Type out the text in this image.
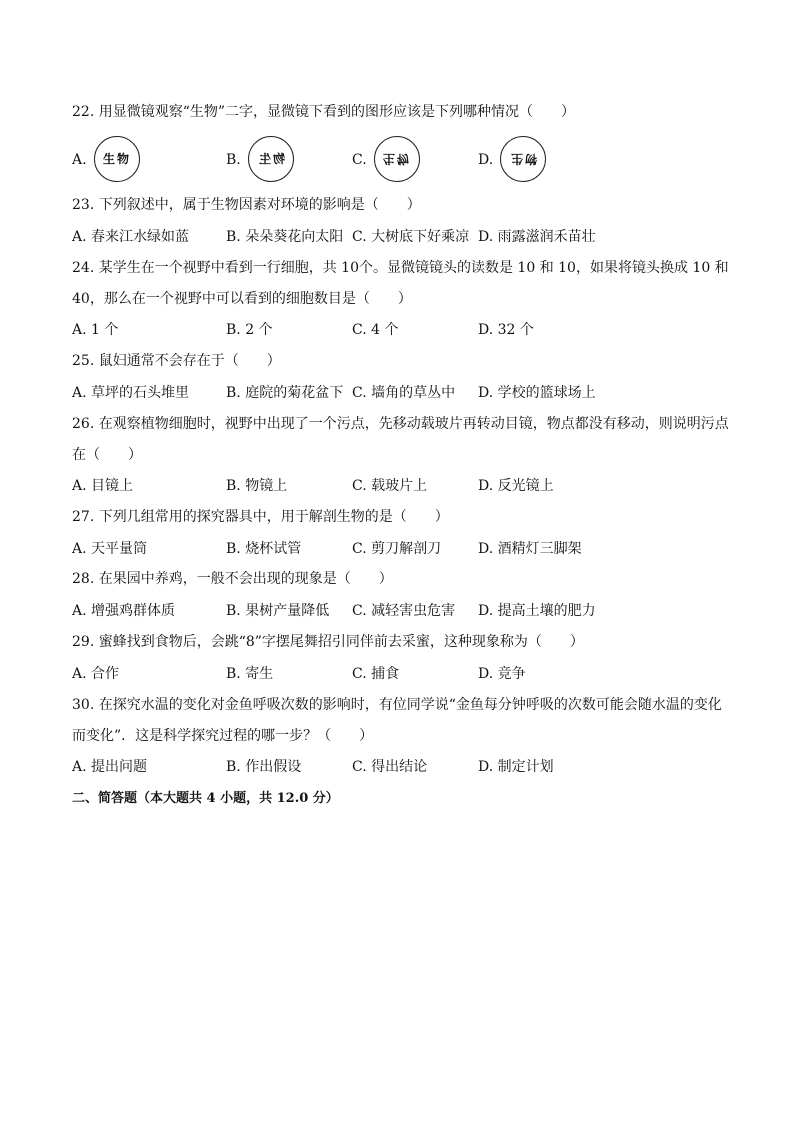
22. 用显微镜观察“生物”二字，显微镜下看到的图形应该是下列哪种情况（　　）
A. 生物	B. 物生	C. 生物	D. 物生
23. 下列叙述中，属于生物因素对环境的影响是（　　）
A. 春来江水绿如蓝	B. 朵朵葵花向太阳 C. 大树底下好乘凉 D. 雨露滋润禾苗壮
24. 某学生在一个视野中看到一行细胞，共 10个。显微镜镜头的读数是 10 和 10，如果将镜头换成 10 和
40，那么在一个视野中可以看到的细胞数目是（　　）
A. 1 个	B. 2 个	C. 4 个	D. 32 个
25. 鼠妇通常不会存在于（　　）
A. 草坪的石头堆里	B. 庭院的菊花盆下 C. 墙角的草丛中 D. 学校的篮球场上
26. 在观察植物细胞时，视野中出现了一个污点，先移动载玻片再转动目镜，物点都没有移动，则说明污点
在（　　）
A. 目镜上	B. 物镜上	C. 载玻片上	D. 反光镜上
27. 下列几组常用的探究器具中，用于解剖生物的是（　　）
A. 天平量筒	B. 烧杯试管	C. 剪刀解剖刀	D. 酒精灯三脚架
28. 在果园中养鸡，一般不会出现的现象是（　　）
A. 增强鸡群体质	B. 果树产量降低 C. 减轻害虫危害 D. 提高土壤的肥力
29. 蜜蜂找到食物后，会跳“8”字摆尾舞招引同伴前去采蜜，这种现象称为（　　）
A. 合作	B. 寄生	C. 捕食	D. 竞争
30. 在探究水温的变化对金鱼呼吸次数的影响时，有位同学说“金鱼每分钟呼吸的次数可能会随水温的变化
而变化”．这是科学探究过程的哪一步？（　　）
A. 提出问题	B. 作出假设	C. 得出结论	D. 制定计划
二、简答题（本大题共 4 小题，共 12.0 分）
